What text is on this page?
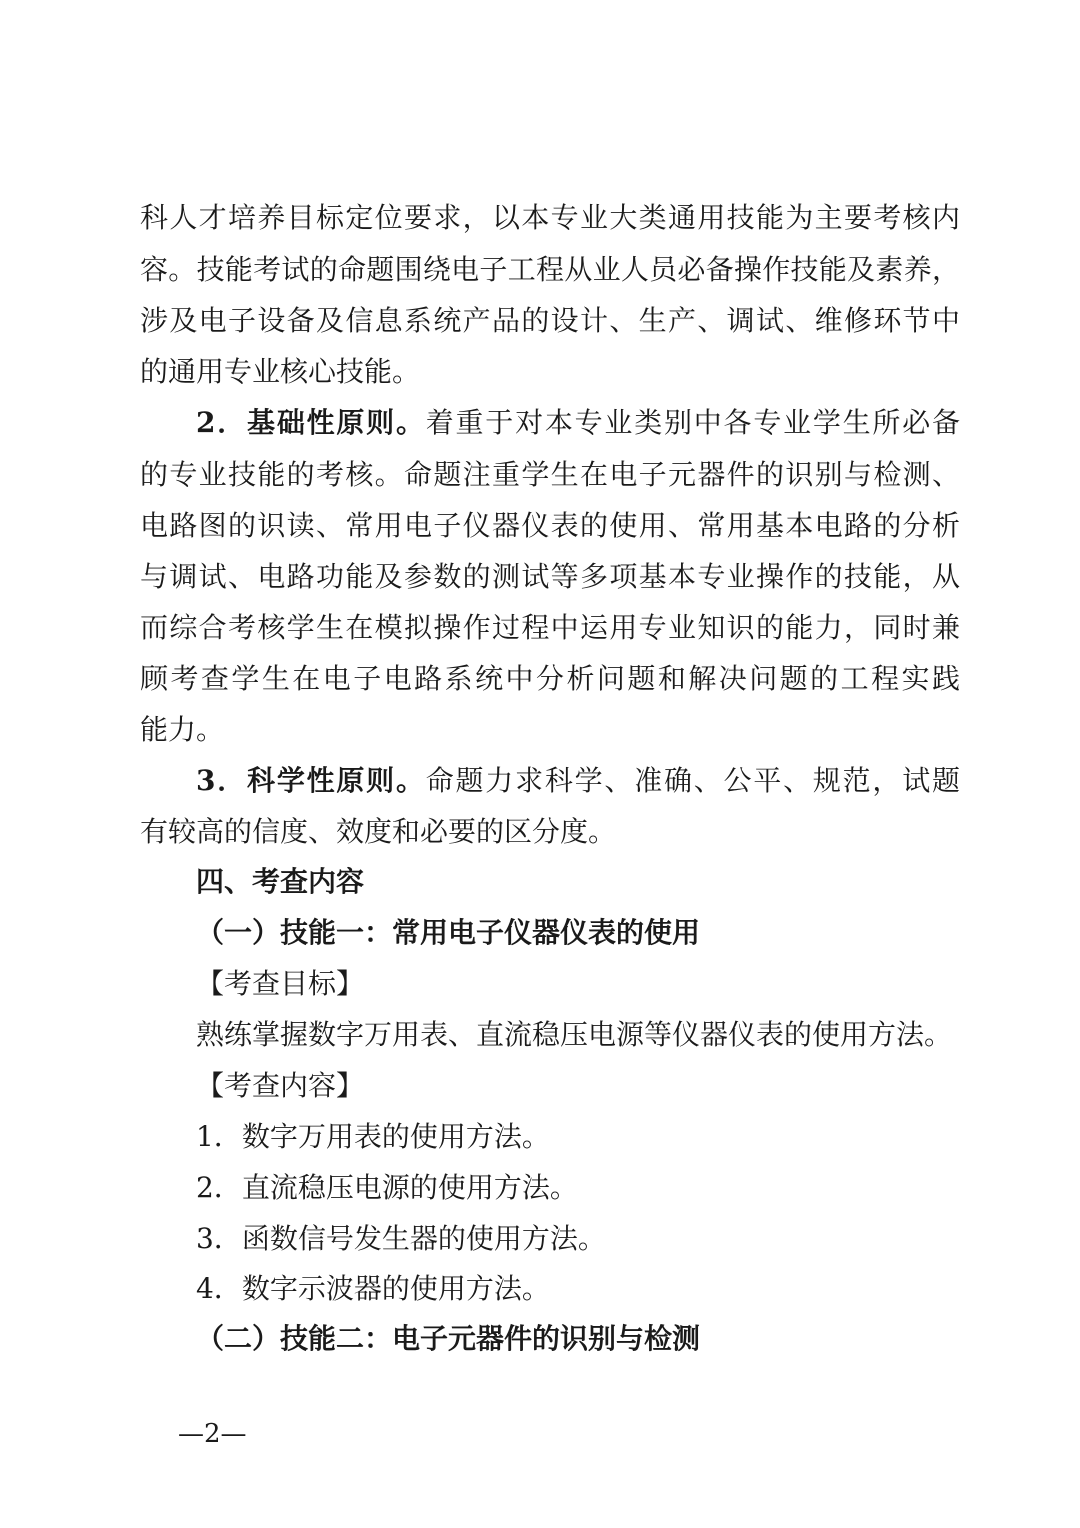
科人才培养目标定位要求，以本专业大类通用技能为主要考核内
容。技能考试的命题围绕电子工程从业人员必备操作技能及素养，
涉及电子设备及信息系统产品的设计、生产、调试、维修环节中
的通用专业核心技能。
2．基础性原则。着重于对本专业类别中各专业学生所必备
的专业技能的考核。命题注重学生在电子元器件的识别与检测、
电路图的识读、常用电子仪器仪表的使用、常用基本电路的分析
与调试、电路功能及参数的测试等多项基本专业操作的技能，从
而综合考核学生在模拟操作过程中运用专业知识的能力，同时兼
顾考查学生在电子电路系统中分析问题和解决问题的工程实践
能力。
3．科学性原则。命题力求科学、准确、公平、规范，试题
有较高的信度、效度和必要的区分度。
四、考查内容
（一）技能一：常用电子仪器仪表的使用
【考查目标】
熟练掌握数字万用表、直流稳压电源等仪器仪表的使用方法。
【考查内容】
1．数字万用表的使用方法。
2．直流稳压电源的使用方法。
3．函数信号发生器的使用方法。
4．数字示波器的使用方法。
（二）技能二：电子元器件的识别与检测
—2—
